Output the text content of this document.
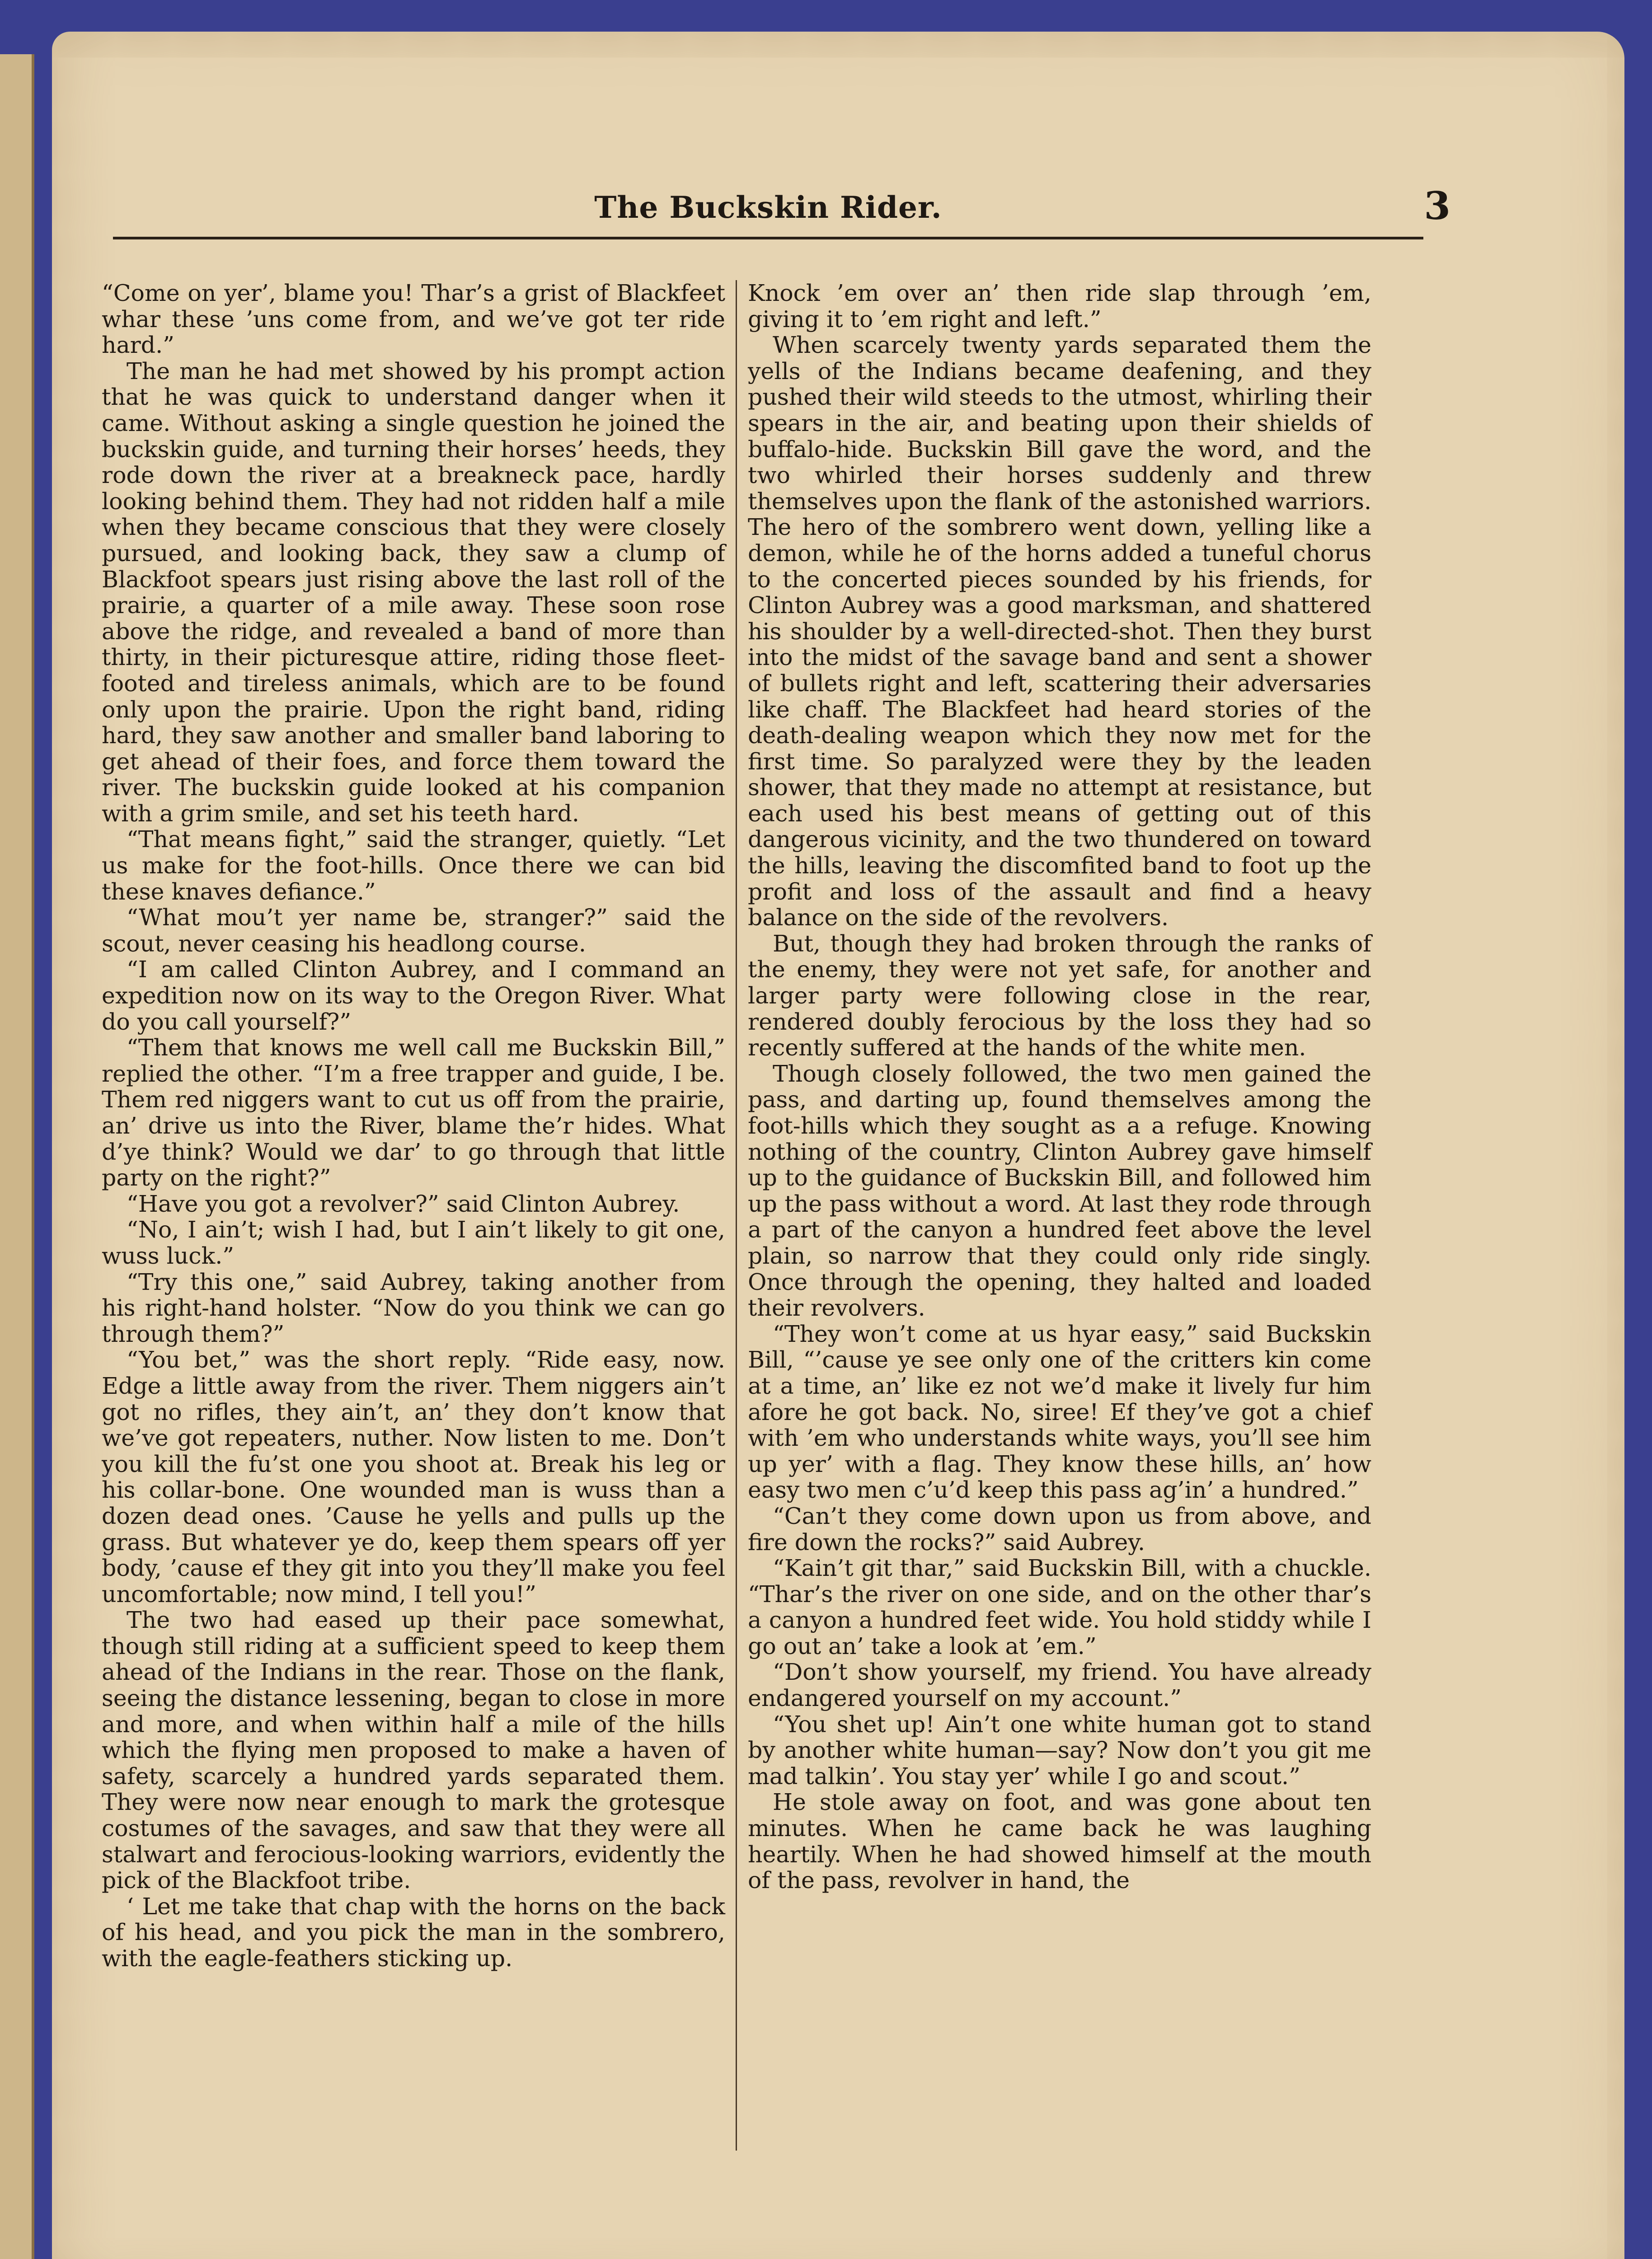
The Buckskin Rider.	3

“Come on yer’, blame you! Thar’s a grist of Blackfeet whar these ’uns come from, and we’ve got ter ride hard.”

The man he had met showed by his prompt action that he was quick to understand danger when it came. Without asking a single question he joined the buckskin guide, and turning their horses’ heeds, they rode down the river at a breakneck pace, hardly looking behind them. They had not ridden half a mile when they became conscious that they were closely pursued, and looking back, they saw a clump of Blackfoot spears just rising above the last roll of the prairie, a quarter of a mile away. These soon rose above the ridge, and revealed a band of more than thirty, in their picturesque attire, riding those fleet-footed and tireless animals, which are to be found only upon the prairie. Upon the right band, riding hard, they saw another and smaller band laboring to get ahead of their foes, and force them toward the river. The buckskin guide looked at his companion with a grim smile, and set his teeth hard.

“That means fight,” said the stranger, quietly. “Let us make for the foot-hills. Once there we can bid these knaves defiance.”

“What mou’t yer name be, stranger?” said the scout, never ceasing his headlong course.

“I am called Clinton Aubrey, and I command an expedition now on its way to the Oregon River. What do you call yourself?”

“Them that knows me well call me Buckskin Bill,” replied the other. “I’m a free trapper and guide, I be. Them red niggers want to cut us off from the prairie, an’ drive us into the River, blame the’r hides. What d’ye think? Would we dar’ to go through that little party on the right?”

“Have you got a revolver?” said Clinton Aubrey.

“No, I ain’t; wish I had, but I ain’t likely to git one, wuss luck.”

“Try this one,” said Aubrey, taking another from his right-hand holster. “Now do you think we can go through them?”

“You bet,” was the short reply. “Ride easy, now. Edge a little away from the river. Them niggers ain’t got no rifles, they ain’t, an’ they don’t know that we’ve got repeaters, nuther. Now listen to me. Don’t you kill the fu’st one you shoot at. Break his leg or his collar-bone. One wounded man is wuss than a dozen dead ones. ’Cause he yells and pulls up the grass. But whatever ye do, keep them spears off yer body, ’cause ef they git into you they’ll make you feel uncomfortable; now mind, I tell you!”

The two had eased up their pace somewhat, though still riding at a sufficient speed to keep them ahead of the Indians in the rear. Those on the flank, seeing the distance lessening, began to close in more and more, and when within half a mile of the hills which the flying men proposed to make a haven of safety, scarcely a hundred yards separated them. They were now near enough to mark the grotesque costumes of the savages, and saw that they were all stalwart and ferocious-looking warriors, evidently the pick of the Blackfoot tribe.

‘ Let me take that chap with the horns on the back of his head, and you pick the man in the sombrero, with the eagle-feathers sticking up.

Knock ’em over an’ then ride slap through ’em, giving it to ’em right and left.”

When scarcely twenty yards separated them the yells of the Indians became deafening, and they pushed their wild steeds to the utmost, whirling their spears in the air, and beating upon their shields of buffalo-hide. Buckskin Bill gave the word, and the two whirled their horses suddenly and threw themselves upon the flank of the astonished warriors. The hero of the sombrero went down, yelling like a demon, while he of the horns added a tuneful chorus to the concerted pieces sounded by his friends, for Clinton Aubrey was a good marksman, and shattered his shoulder by a well-directed-shot. Then they burst into the midst of the savage band and sent a shower of bullets right and left, scattering their adversaries like chaff. The Blackfeet had heard stories of the death-dealing weapon which they now met for the first time. So paralyzed were they by the leaden shower, that they made no attempt at resistance, but each used his best means of getting out of this dangerous vicinity, and the two thundered on toward the hills, leaving the discomfited band to foot up the profit and loss of the assault and find a heavy balance on the side of the revolvers.

But, though they had broken through the ranks of the enemy, they were not yet safe, for another and larger party were following close in the rear, rendered doubly ferocious by the loss they had so recently suffered at the hands of the white men.

Though closely followed, the two men gained the pass, and darting up, found themselves among the foot-hills which they sought as a a refuge. Knowing nothing of the country, Clinton Aubrey gave himself up to the guidance of Buckskin Bill, and followed him up the pass without a word. At last they rode through a part of the canyon a hundred feet above the level plain, so narrow that they could only ride singly. Once through the opening, they halted and loaded their revolvers.

“They won’t come at us hyar easy,” said Buckskin Bill, “’cause ye see only one of the critters kin come at a time, an’ like ez not we’d make it lively fur him afore he got back. No, siree! Ef they’ve got a chief with ’em who understands white ways, you’ll see him up yer’ with a flag. They know these hills, an’ how easy two men c’u’d keep this pass ag’in’ a hundred.”

“Can’t they come down upon us from above, and fire down the rocks?” said Aubrey.

“Kain’t git thar,” said Buckskin Bill, with a chuckle. “Thar’s the river on one side, and on the other thar’s a canyon a hundred feet wide. You hold stiddy while I go out an’ take a look at ’em.”

“Don’t show yourself, my friend. You have already endangered yourself on my account.”

“You shet up! Ain’t one white human got to stand by another white human—say? Now don’t you git me mad talkin’. You stay yer’ while I go and scout.”

He stole away on foot, and was gone about ten minutes. When he came back he was laughing heartily. When he had showed himself at the mouth of the pass, revolver in hand, the
